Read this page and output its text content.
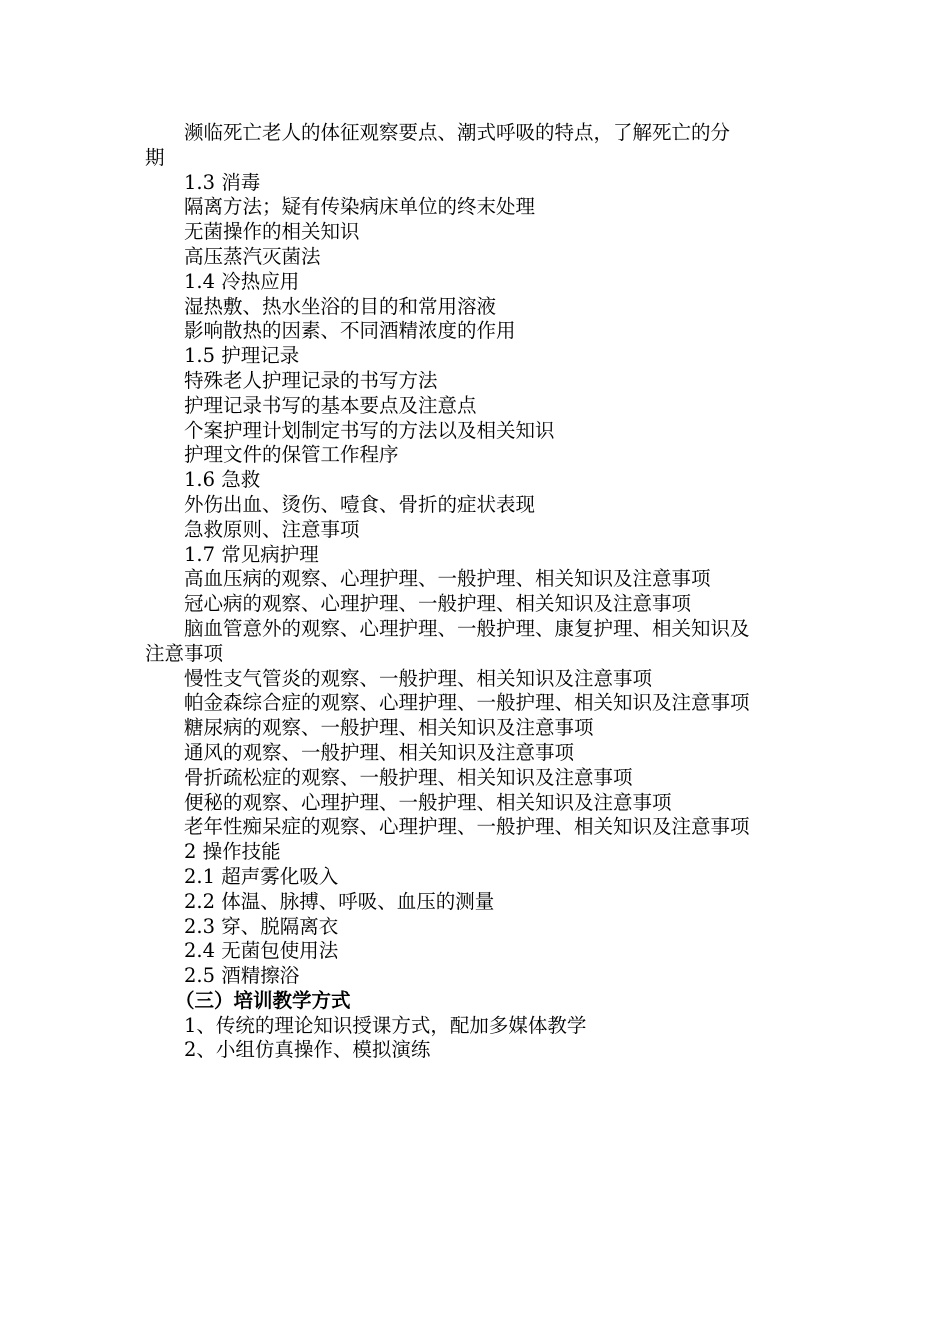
濒临死亡老人的体征观察要点、潮式呼吸的特点，了解死亡的分
期
1.3 消毒
隔离方法；疑有传染病床单位的终末处理
无菌操作的相关知识
高压蒸汽灭菌法
1.4 冷热应用
湿热敷、热水坐浴的目的和常用溶液
影响散热的因素、不同酒精浓度的作用
1.5 护理记录
特殊老人护理记录的书写方法
护理记录书写的基本要点及注意点
个案护理计划制定书写的方法以及相关知识
护理文件的保管工作程序
1.6 急救
外伤出血、烫伤、噎食、骨折的症状表现
急救原则、注意事项
1.7 常见病护理
高血压病的观察、心理护理、一般护理、相关知识及注意事项
冠心病的观察、心理护理、一般护理、相关知识及注意事项
脑血管意外的观察、心理护理、一般护理、康复护理、相关知识及
注意事项
慢性支气管炎的观察、一般护理、相关知识及注意事项
帕金森综合症的观察、心理护理、一般护理、相关知识及注意事项
糖尿病的观察、一般护理、相关知识及注意事项
通风的观察、一般护理、相关知识及注意事项
骨折疏松症的观察、一般护理、相关知识及注意事项
便秘的观察、心理护理、一般护理、相关知识及注意事项
老年性痴呆症的观察、心理护理、一般护理、相关知识及注意事项
2 操作技能
2.1 超声雾化吸入
2.2 体温、脉搏、呼吸、血压的测量
2.3 穿、脱隔离衣
2.4 无菌包使用法
2.5 酒精擦浴
（三）培训教学方式
1、传统的理论知识授课方式，配加多媒体教学
2、小组仿真操作、模拟演练
